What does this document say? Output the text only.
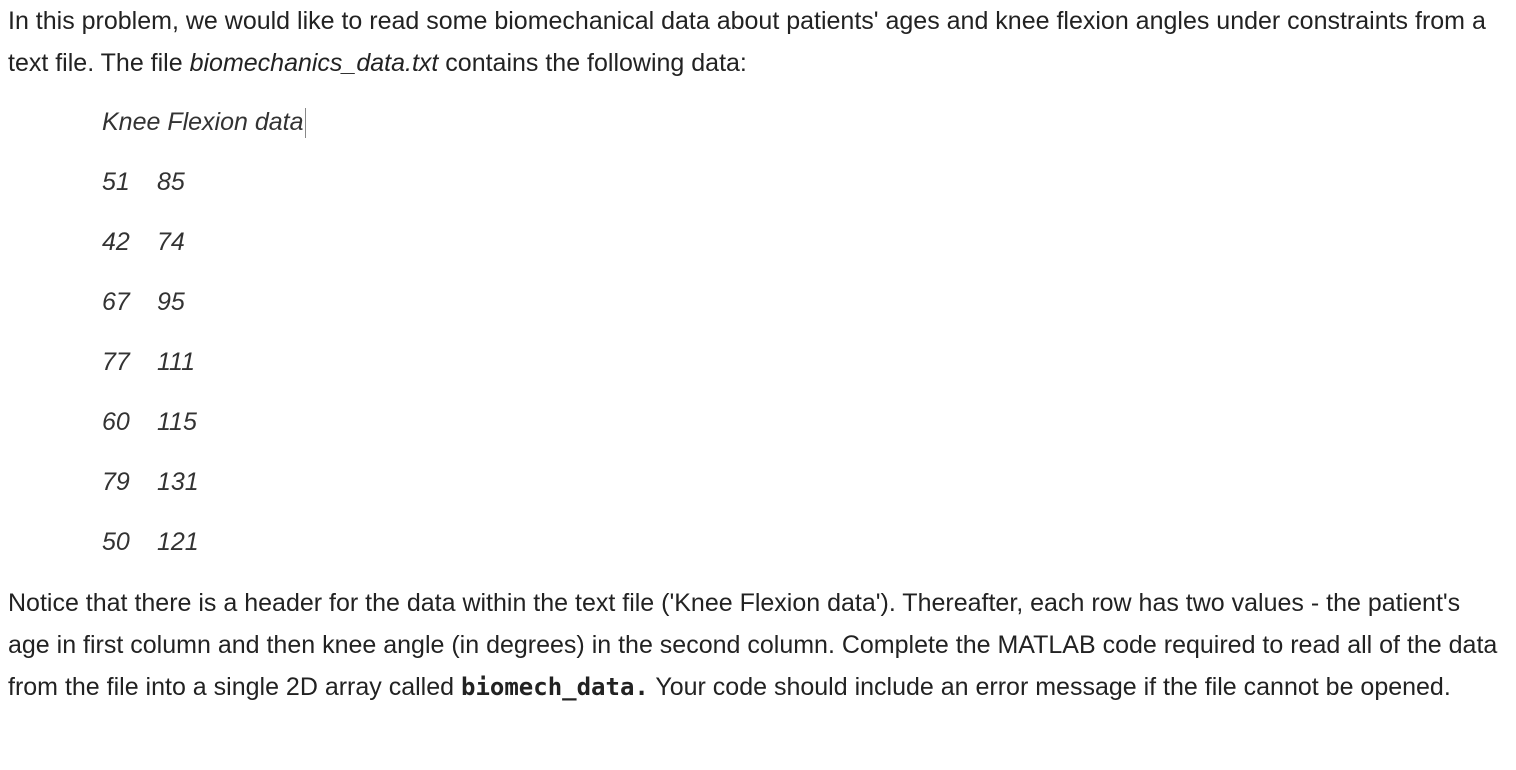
In this problem, we would like to read some biomechanical data about patients' ages and knee flexion angles under constraints from a text file. The file biomechanics_data.txt contains the following data:

Knee Flexion data
51	85
42	74
67	95
77	111
60	115
79	131
50	121

Notice that there is a header for the data within the text file ('Knee Flexion data'). Thereafter, each row has two values - the patient's age in first column and then knee angle (in degrees) in the second column. Complete the MATLAB code required to read all of the data from the file into a single 2D array called biomech_data. Your code should include an error message if the file cannot be opened.
